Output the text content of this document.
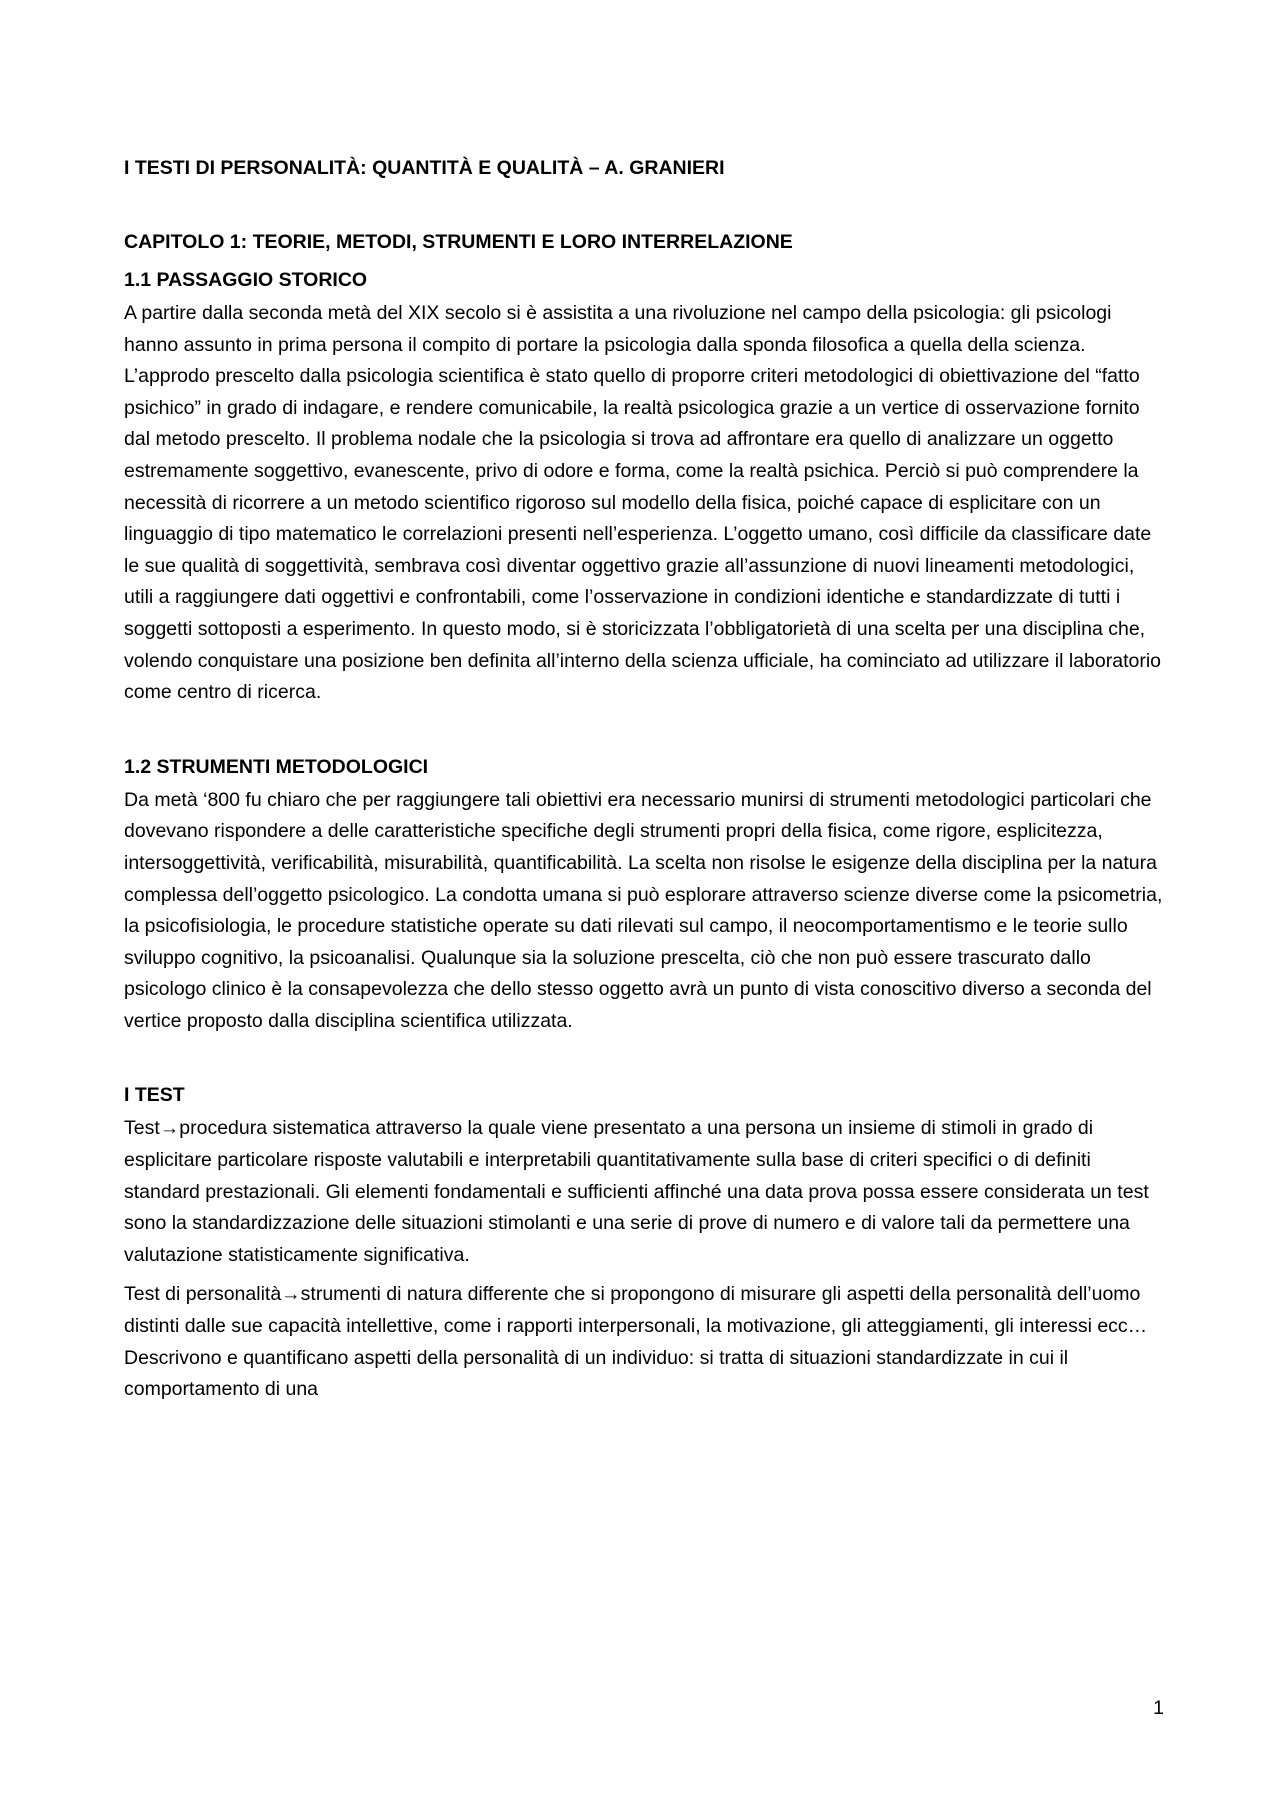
I TESTI DI PERSONALITÀ: QUANTITÀ E QUALITÀ – A. GRANIERI
CAPITOLO 1: TEORIE, METODI, STRUMENTI E LORO INTERRELAZIONE
1.1 PASSAGGIO STORICO
A partire dalla seconda metà del XIX secolo si è assistita a una rivoluzione nel campo della psicologia: gli psicologi hanno assunto in prima persona il compito di portare la psicologia dalla sponda filosofica a quella della scienza. L’approdo prescelto dalla psicologia scientifica è stato quello di proporre criteri metodologici di obiettivazione del “fatto psichico” in grado di indagare, e rendere comunicabile, la realtà psicologica grazie a un vertice di osservazione fornito dal metodo prescelto. Il problema nodale che la psicologia si trova ad affrontare era quello di analizzare un oggetto estremamente soggettivo, evanescente, privo di odore e forma, come la realtà psichica. Perciò si può comprendere la necessità di ricorrere a un metodo scientifico rigoroso sul modello della fisica, poiché capace di esplicitare con un linguaggio di tipo matematico le correlazioni presenti nell’esperienza. L’oggetto umano, così difficile da classificare date le sue qualità di soggettività, sembrava così diventar oggettivo grazie all’assunzione di nuovi lineamenti metodologici, utili a raggiungere dati oggettivi e confrontabili, come l’osservazione in condizioni identiche e standardizzate di tutti i soggetti sottoposti a esperimento. In questo modo, si è storicizzata l’obbligatorietà di una scelta per una disciplina che, volendo conquistare una posizione ben definita all’interno della scienza ufficiale, ha cominciato ad utilizzare il laboratorio come centro di ricerca.
1.2 STRUMENTI METODOLOGICI
Da metà ‘800 fu chiaro che per raggiungere tali obiettivi era necessario munirsi di strumenti metodologici particolari che dovevano rispondere a delle caratteristiche specifiche degli strumenti propri della fisica, come rigore, esplicitezza, intersoggettività, verificabilità, misurabilità, quantificabilità. La scelta non risolse le esigenze della disciplina per la natura complessa dell’oggetto psicologico. La condotta umana si può esplorare attraverso scienze diverse come la psicometria, la psicofisiologia, le procedure statistiche operate su dati rilevati sul campo, il neocomportamentismo e le teorie sullo sviluppo cognitivo, la psicoanalisi. Qualunque sia la soluzione prescelta, ciò che non può essere trascurato dallo psicologo clinico è la consapevolezza che dello stesso oggetto avrà un punto di vista conoscitivo diverso a seconda del vertice proposto dalla disciplina scientifica utilizzata.
I TEST
Test→procedura sistematica attraverso la quale viene presentato a una persona un insieme di stimoli in grado di esplicitare particolare risposte valutabili e interpretabili quantitativamente sulla base di criteri specifici o di definiti standard prestazionali. Gli elementi fondamentali e sufficienti affinché una data prova possa essere considerata un test sono la standardizzazione delle situazioni stimolanti e una serie di prove di numero e di valore tali da permettere una valutazione statisticamente significativa.
Test di personalità→strumenti di natura differente che si propongono di misurare gli aspetti della personalità dell’uomo distinti dalle sue capacità intellettive, come i rapporti interpersonali, la motivazione, gli atteggiamenti, gli interessi ecc… Descrivono e quantificano aspetti della personalità di un individuo: si tratta di situazioni standardizzate in cui il comportamento di una
1
